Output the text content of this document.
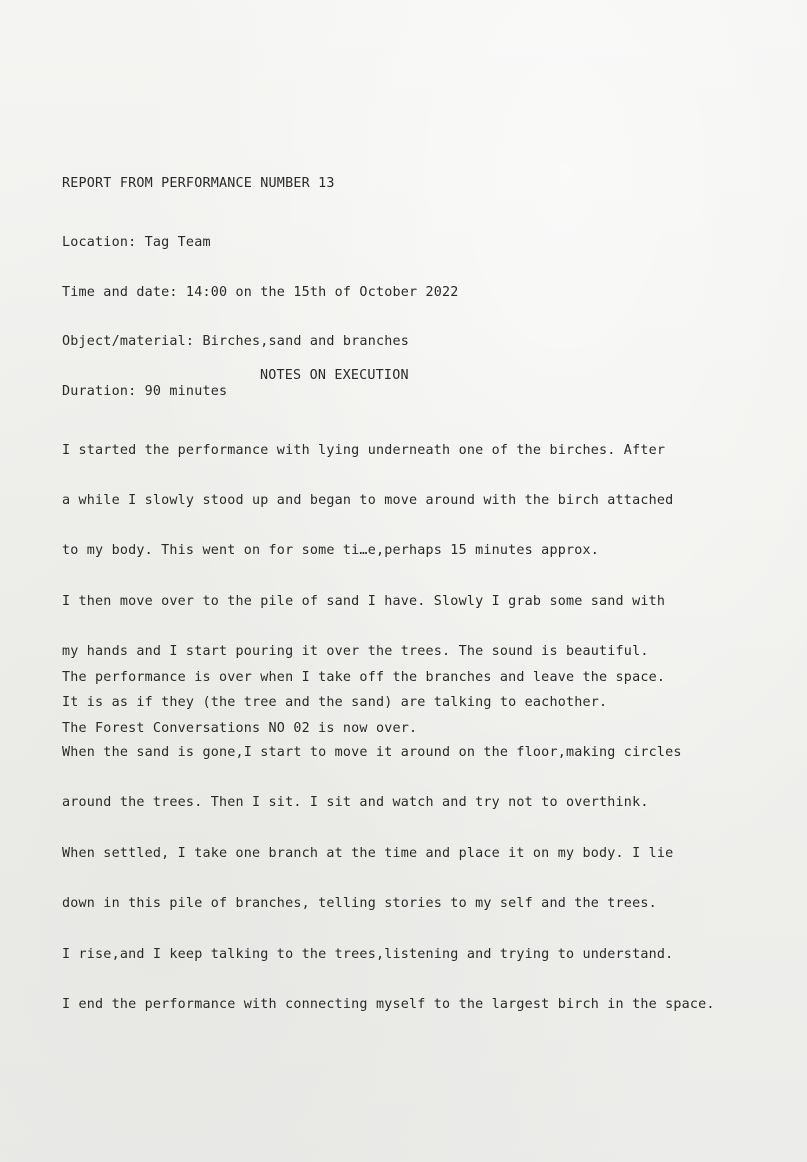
REPORT FROM PERFORMANCE NUMBER 13

Location: Tag Team

Time and date: 14:00 on the 15th of October 2022

Object/material: Birches,sand and branches

Duration: 90 minutes

NOTES ON EXECUTION

I started the performance with lying underneath one of the birches. After

a while I slowly stood up and began to move around with the birch attached

to my body. This went on for some ti…e,perhaps 15 minutes approx.

I then move over to the pile of sand I have. Slowly I grab some sand with

my hands and I start pouring it over the trees. The sound is beautiful.

It is as if they (the tree and the sand) are talking to eachother.

When the sand is gone,I start to move it around on the floor,making circles

around the trees. Then I sit. I sit and watch and try not to overthink.

When settled, I take one branch at the time and place it on my body. I lie

down in this pile of branches, telling stories to my self and the trees.

I rise,and I keep talking to the trees,listening and trying to understand.

I end the performance with connecting myself to the largest birch in the space.

The performance is over when I take off the branches and leave the space.

The Forest Conversations NO 02 is now over.
